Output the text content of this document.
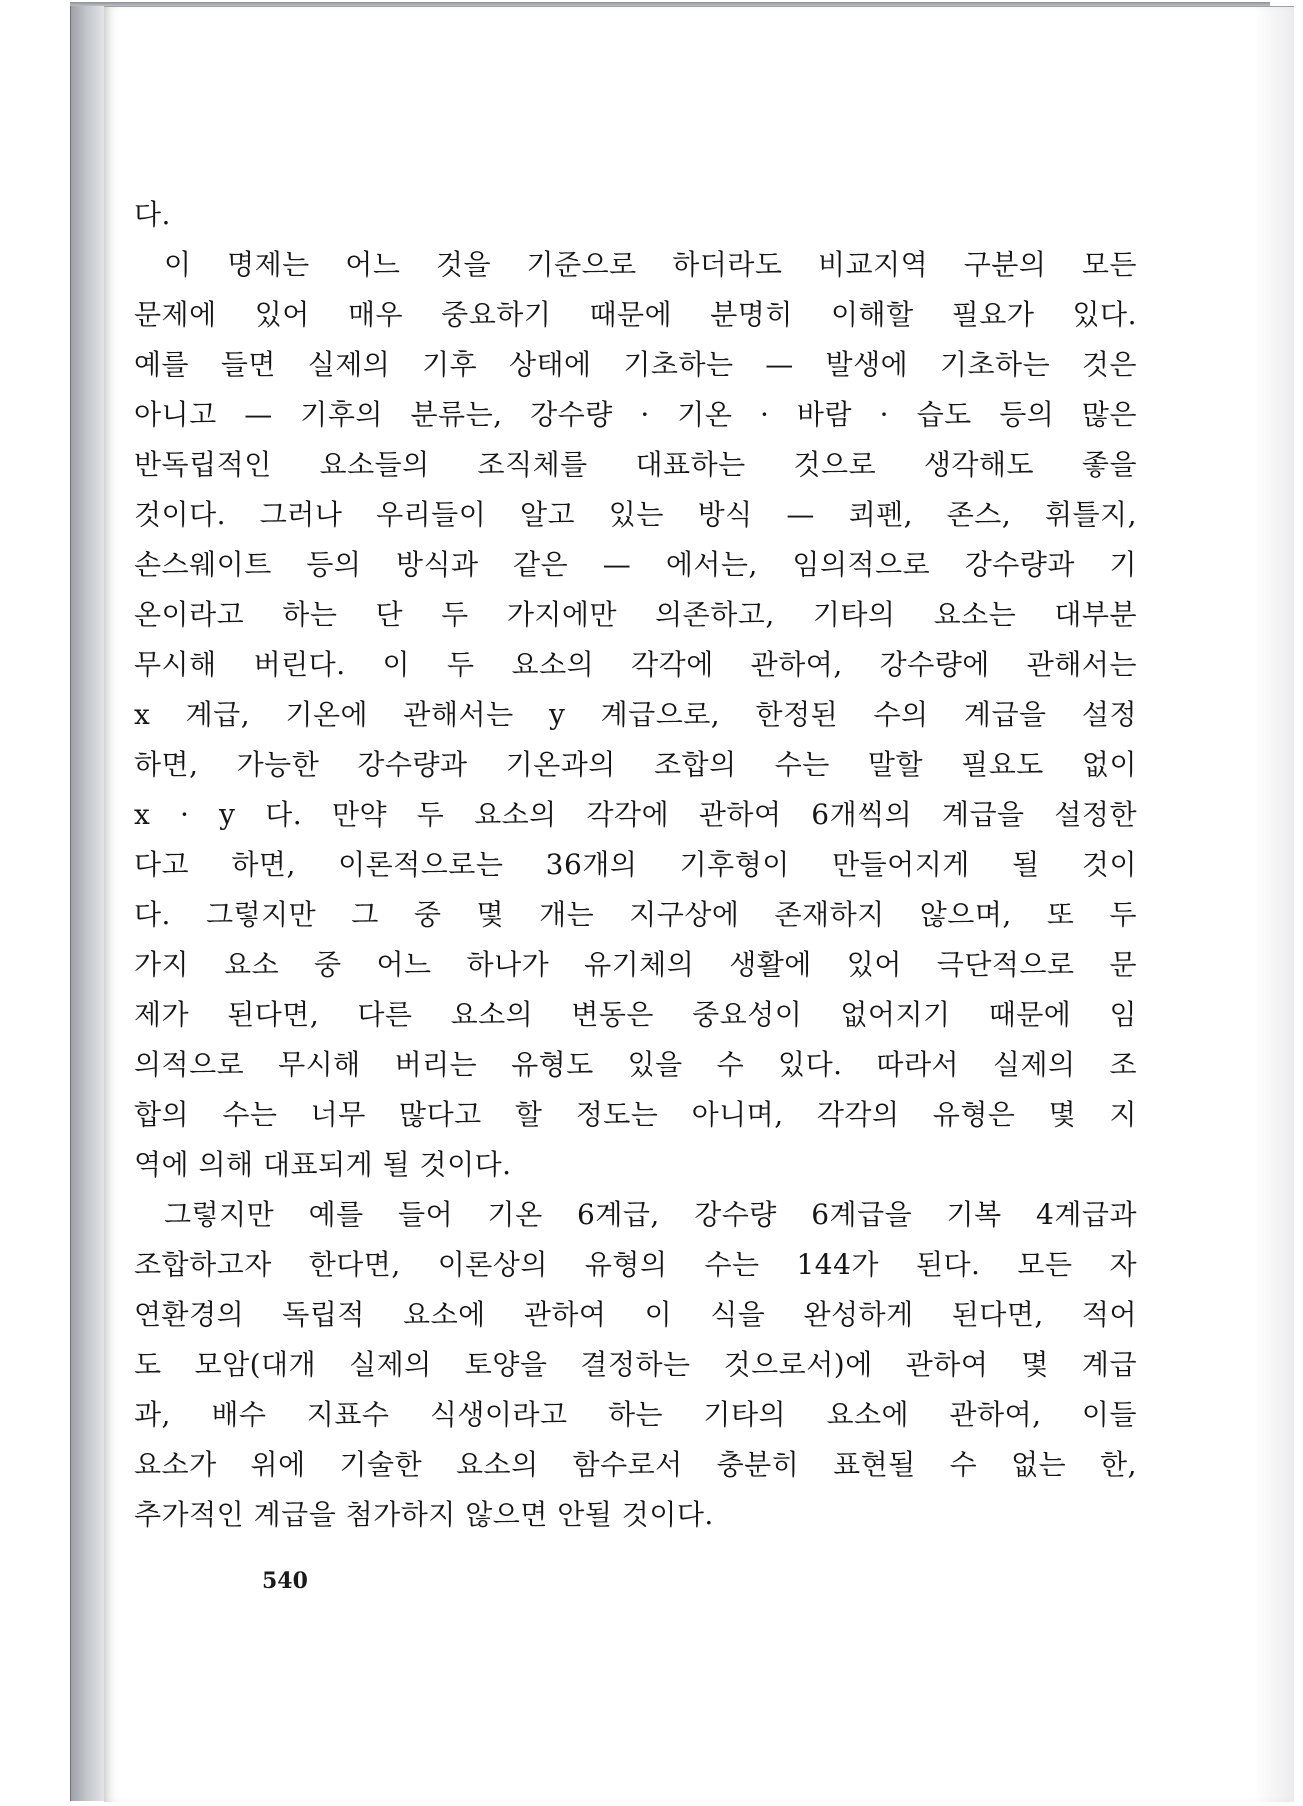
다.
이 명제는 어느 것을 기준으로 하더라도 비교지역 구분의 모든
문제에 있어 매우 중요하기 때문에 분명히 이해할 필요가 있다.
예를 들면 실제의 기후 상태에 기초하는 — 발생에 기초하는 것은
아니고 — 기후의 분류는, 강수량 · 기온 · 바람 · 습도 등의 많은
반독립적인 요소들의 조직체를 대표하는 것으로 생각해도 좋을
것이다. 그러나 우리들이 알고 있는 방식 — 쾨펜, 존스, 휘틀지,
손스웨이트 등의 방식과 같은 — 에서는, 임의적으로 강수량과 기
온이라고 하는 단 두 가지에만 의존하고, 기타의 요소는 대부분
무시해 버린다. 이 두 요소의 각각에 관하여, 강수량에 관해서는
x 계급, 기온에 관해서는 y 계급으로, 한정된 수의 계급을 설정
하면, 가능한 강수량과 기온과의 조합의 수는 말할 필요도 없이
x · y 다. 만약 두 요소의 각각에 관하여 6개씩의 계급을 설정한
다고 하면, 이론적으로는 36개의 기후형이 만들어지게 될 것이
다. 그렇지만 그 중 몇 개는 지구상에 존재하지 않으며, 또 두
가지 요소 중 어느 하나가 유기체의 생활에 있어 극단적으로 문
제가 된다면, 다른 요소의 변동은 중요성이 없어지기 때문에 임
의적으로 무시해 버리는 유형도 있을 수 있다. 따라서 실제의 조
합의 수는 너무 많다고 할 정도는 아니며, 각각의 유형은 몇 지
역에 의해 대표되게 될 것이다.
그렇지만 예를 들어 기온 6계급, 강수량 6계급을 기복 4계급과
조합하고자 한다면, 이론상의 유형의 수는 144가 된다. 모든 자
연환경의 독립적 요소에 관하여 이 식을 완성하게 된다면, 적어
도 모암(대개 실제의 토양을 결정하는 것으로서)에 관하여 몇 계급
과, 배수 지표수 식생이라고 하는 기타의 요소에 관하여, 이들
요소가 위에 기술한 요소의 함수로서 충분히 표현될 수 없는 한,
추가적인 계급을 첨가하지 않으면 안될 것이다.
540
